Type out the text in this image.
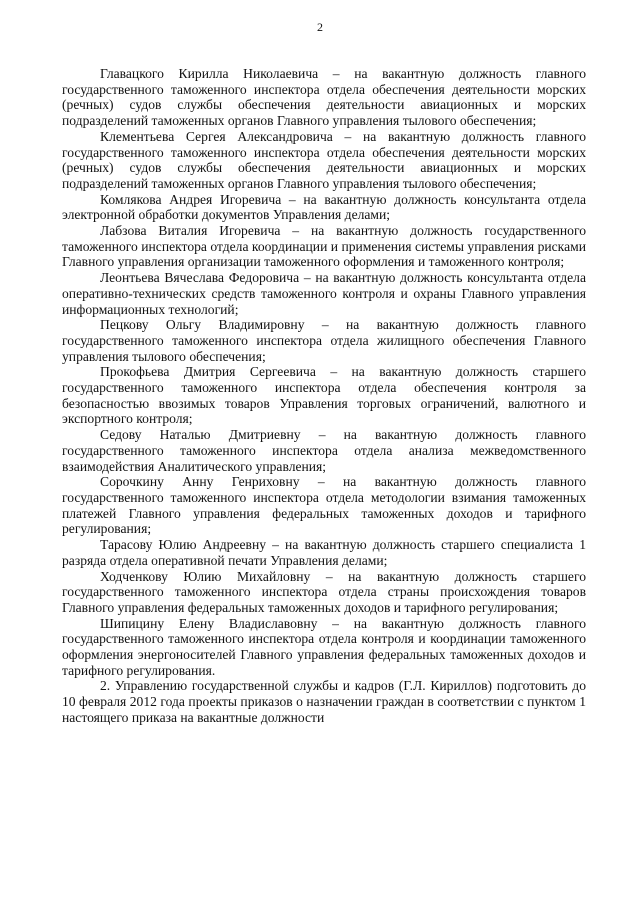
2

Главацкого Кирилла Николаевича – на вакантную должность главного государственного таможенного инспектора отдела обеспечения деятельности морских (речных) судов службы обеспечения деятельности авиационных и морских подразделений таможенных органов Главного управления тылового обеспечения;

Клементьева Сергея Александровича – на вакантную должность главного государственного таможенного инспектора отдела обеспечения деятельности морских (речных) судов службы обеспечения деятельности авиационных и морских подразделений таможенных органов Главного управления тылового обеспечения;

Комлякова Андрея Игоревича – на вакантную должность консультанта отдела электронной обработки документов Управления делами;

Лабзова Виталия Игоревича – на вакантную должность государственного таможенного инспектора отдела координации и применения системы управления рисками Главного управления организации таможенного оформления и таможенного контроля;

Леонтьева Вячеслава Федоровича – на вакантную должность консультанта отдела оперативно-технических средств таможенного контроля и охраны Главного управления информационных технологий;

Пецкову Ольгу Владимировну – на вакантную должность главного государственного таможенного инспектора отдела жилищного обеспечения Главного управления тылового обеспечения;

Прокофьева Дмитрия Сергеевича – на вакантную должность старшего государственного таможенного инспектора отдела обеспечения контроля за безопасностью ввозимых товаров Управления торговых ограничений, валютного и экспортного контроля;

Седову Наталью Дмитриевну – на вакантную должность главного государственного таможенного инспектора отдела анализа межведомственного взаимодействия Аналитического управления;

Сорочкину Анну Генриховну – на вакантную должность главного государственного таможенного инспектора отдела методологии взимания таможенных платежей Главного управления федеральных таможенных доходов и тарифного регулирования;

Тарасову Юлию Андреевну – на вакантную должность старшего специалиста 1 разряда отдела оперативной печати Управления делами;

Ходченкову Юлию Михайловну – на вакантную должность старшего государственного таможенного инспектора отдела страны происхождения товаров Главного управления федеральных таможенных доходов и тарифного регулирования;

Шипицину Елену Владиславовну – на вакантную должность главного государственного таможенного инспектора отдела контроля и координации таможенного оформления энергоносителей Главного управления федеральных таможенных доходов и тарифного регулирования.

2. Управлению государственной службы и кадров (Г.Л. Кириллов) подготовить до 10 февраля 2012 года проекты приказов о назначении граждан в соответствии с пунктом 1 настоящего приказа на вакантные должности
